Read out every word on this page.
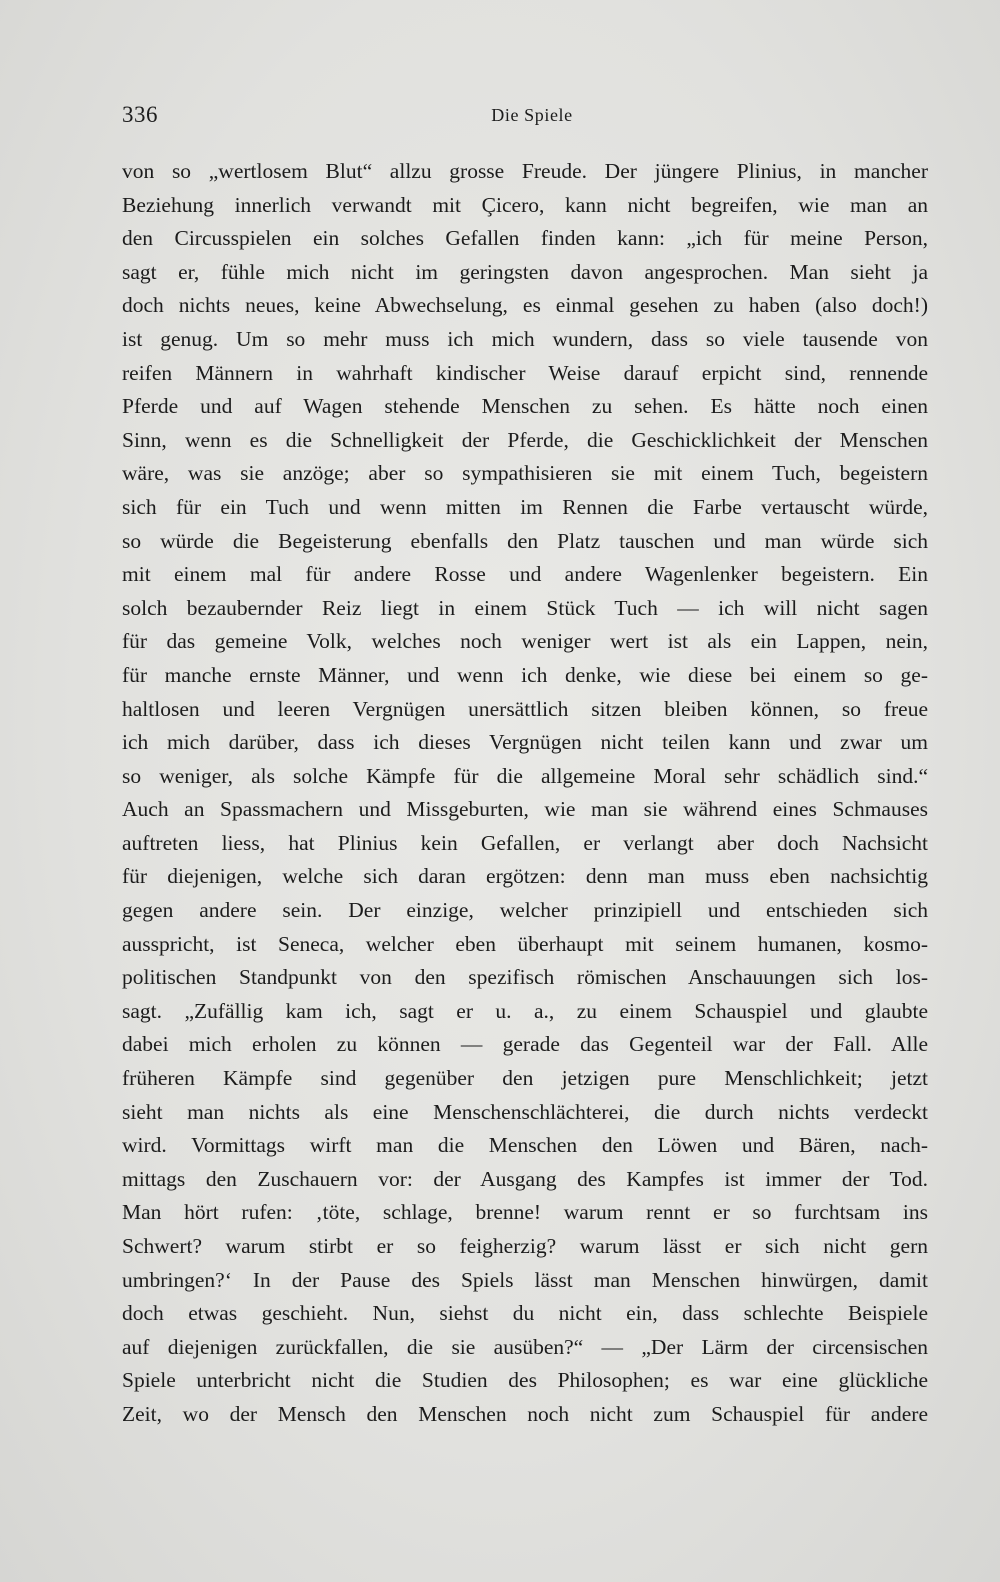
336	Die Spiele
von so „wertlosem Blut“ allzu grosse Freude. Der jüngere Plinius, in mancher
Beziehung innerlich verwandt mit Çicero, kann nicht begreifen, wie man an
den Circusspielen ein solches Gefallen finden kann: „ich für meine Person,
sagt er, fühle mich nicht im geringsten davon angesprochen. Man sieht ja
doch nichts neues, keine Abwechselung, es einmal gesehen zu haben (also doch!)
ist genug. Um so mehr muss ich mich wundern, dass so viele tausende von
reifen Männern in wahrhaft kindischer Weise darauf erpicht sind, rennende
Pferde und auf Wagen stehende Menschen zu sehen. Es hätte noch einen
Sinn, wenn es die Schnelligkeit der Pferde, die Geschicklichkeit der Menschen
wäre, was sie anzöge; aber so sympathisieren sie mit einem Tuch, begeistern
sich für ein Tuch und wenn mitten im Rennen die Farbe vertauscht würde,
so würde die Begeisterung ebenfalls den Platz tauschen und man würde sich
mit einem mal für andere Rosse und andere Wagenlenker begeistern. Ein
solch bezaubernder Reiz liegt in einem Stück Tuch — ich will nicht sagen
für das gemeine Volk, welches noch weniger wert ist als ein Lappen, nein,
für manche ernste Männer, und wenn ich denke, wie diese bei einem so ge-
haltlosen und leeren Vergnügen unersättlich sitzen bleiben können, so freue
ich mich darüber, dass ich dieses Vergnügen nicht teilen kann und zwar um
so weniger, als solche Kämpfe für die allgemeine Moral sehr schädlich sind.“
Auch an Spassmachern und Missgeburten, wie man sie während eines Schmauses
auftreten liess, hat Plinius kein Gefallen, er verlangt aber doch Nachsicht
für diejenigen, welche sich daran ergötzen: denn man muss eben nachsichtig
gegen andere sein. Der einzige, welcher prinzipiell und entschieden sich
ausspricht, ist Seneca, welcher eben überhaupt mit seinem humanen, kosmo-
politischen Standpunkt von den spezifisch römischen Anschauungen sich los-
sagt. „Zufällig kam ich, sagt er u. a., zu einem Schauspiel und glaubte
dabei mich erholen zu können — gerade das Gegenteil war der Fall. Alle
früheren Kämpfe sind gegenüber den jetzigen pure Menschlichkeit; jetzt
sieht man nichts als eine Menschenschlächterei, die durch nichts verdeckt
wird. Vormittags wirft man die Menschen den Löwen und Bären, nach-
mittags den Zuschauern vor: der Ausgang des Kampfes ist immer der Tod.
Man hört rufen: ‚töte, schlage, brenne! warum rennt er so furchtsam ins
Schwert? warum stirbt er so feigherzig? warum lässt er sich nicht gern
umbringen?‘ In der Pause des Spiels lässt man Menschen hinwürgen, damit
doch etwas geschieht. Nun, siehst du nicht ein, dass schlechte Beispiele
auf diejenigen zurückfallen, die sie ausüben?“ — „Der Lärm der circensischen
Spiele unterbricht nicht die Studien des Philosophen; es war eine glückliche
Zeit, wo der Mensch den Menschen noch nicht zum Schauspiel für andere
